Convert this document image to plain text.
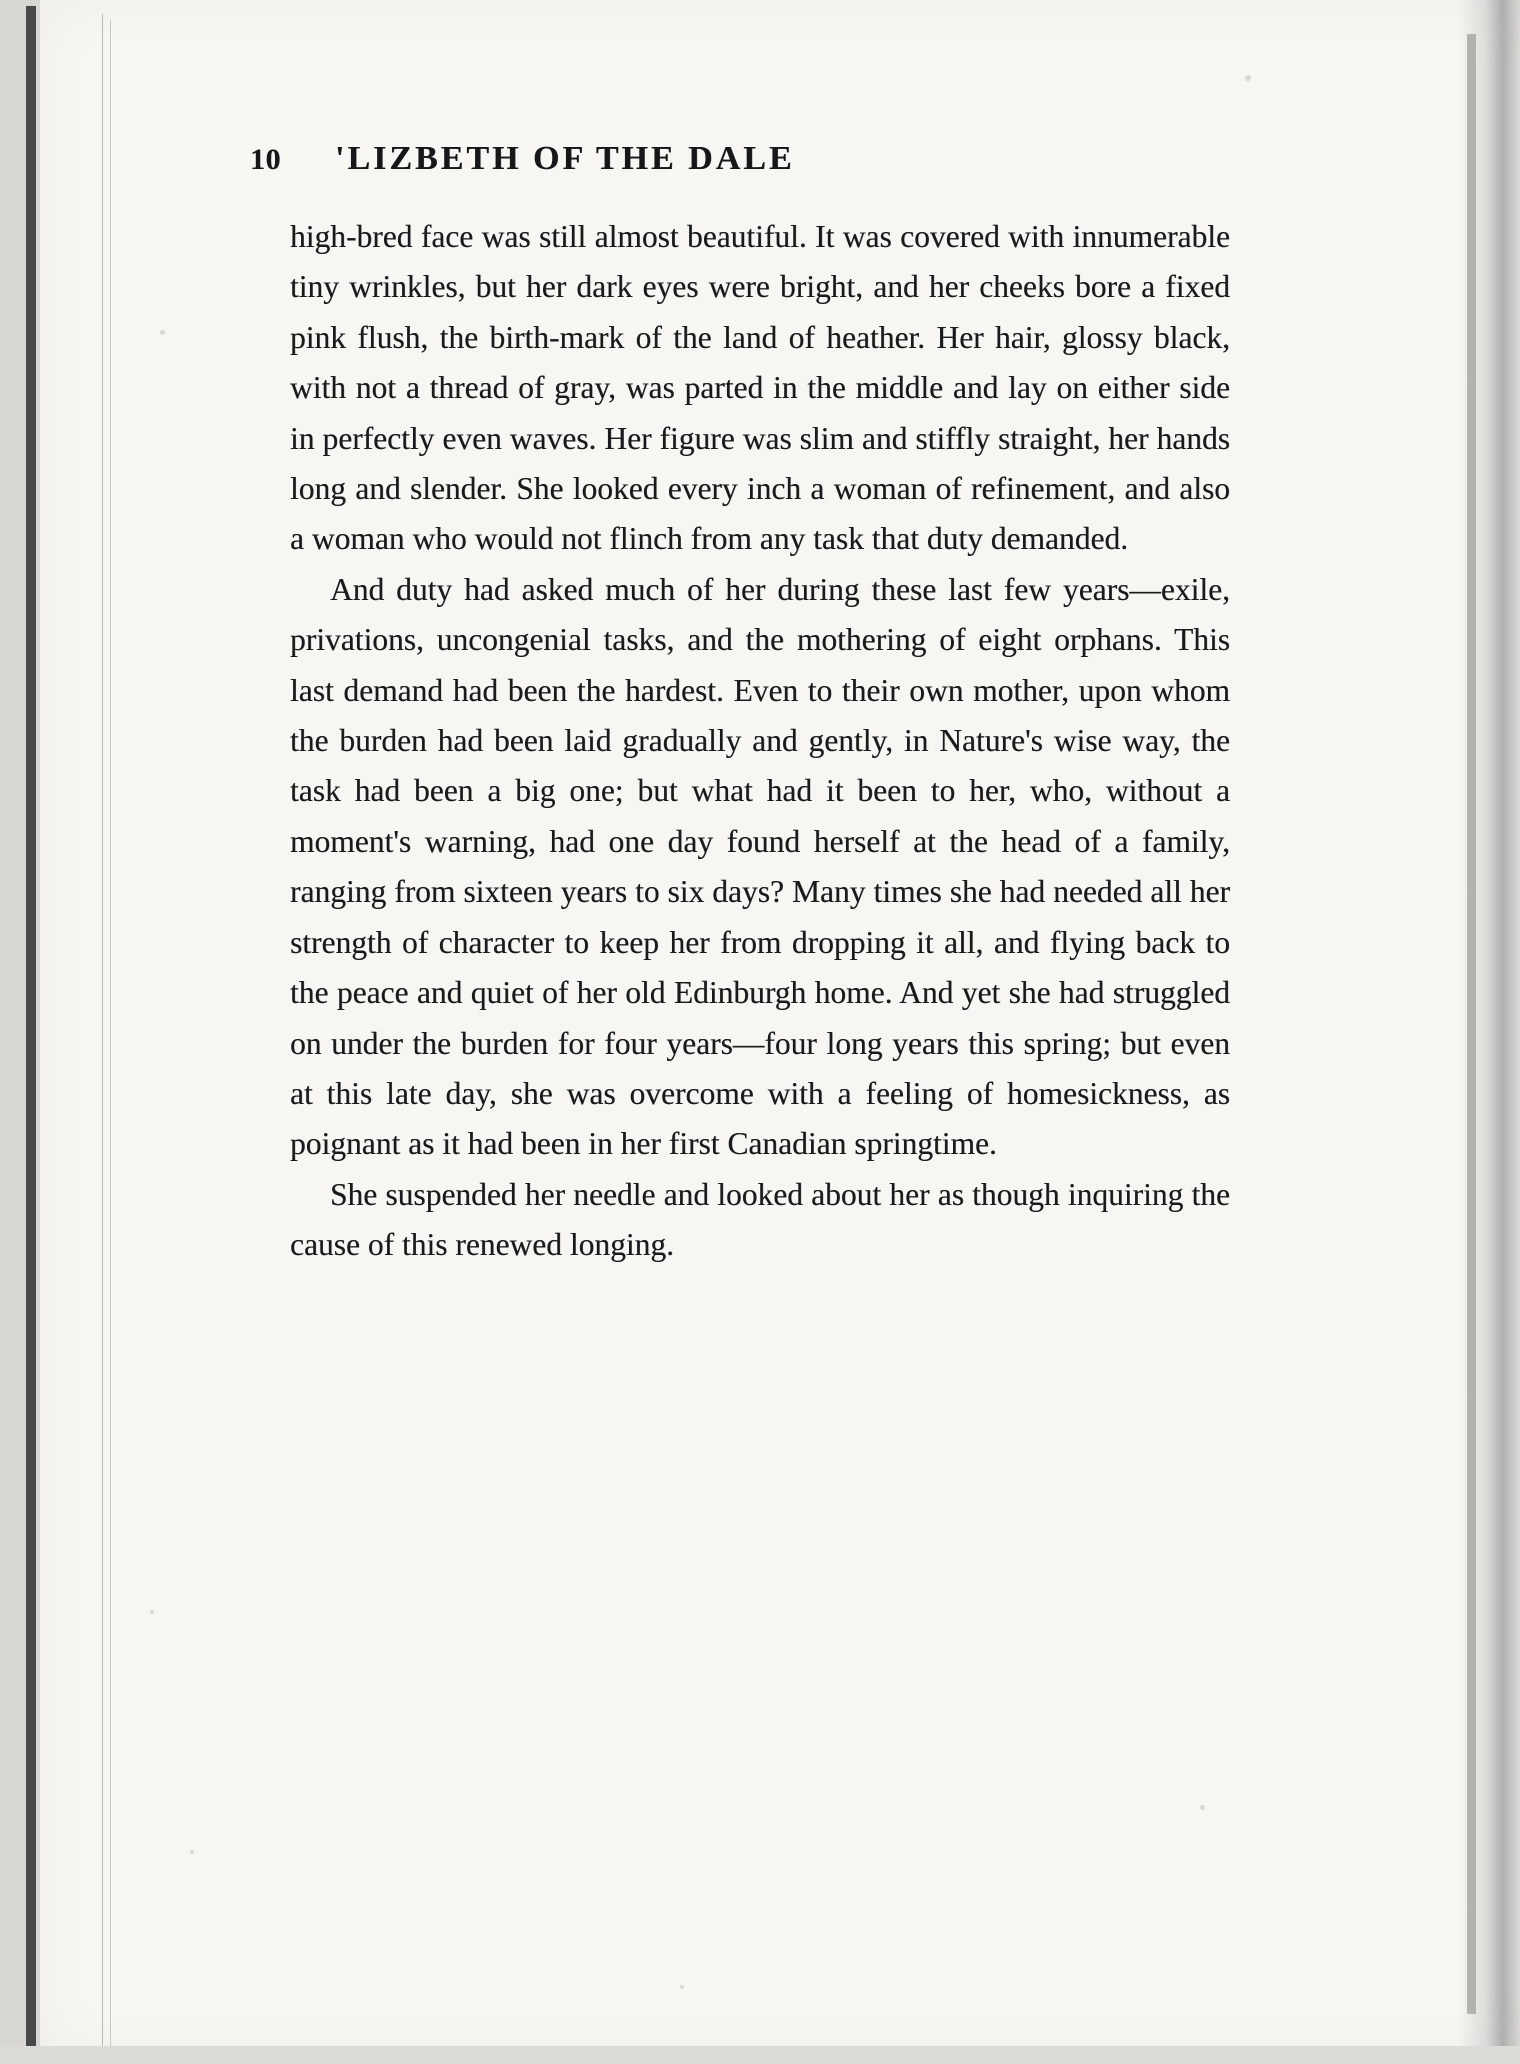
10 'LIZBETH OF THE DALE

high-bred face was still almost beautiful. It was covered with innumerable tiny wrinkles, but her dark eyes were bright, and her cheeks bore a fixed pink flush, the birth-mark of the land of heather. Her hair, glossy black, with not a thread of gray, was parted in the middle and lay on either side in perfectly even waves. Her figure was slim and stiffly straight, her hands long and slender. She looked every inch a woman of refinement, and also a woman who would not flinch from any task that duty demanded.

And duty had asked much of her during these last few years—exile, privations, uncongenial tasks, and the mothering of eight orphans. This last demand had been the hardest. Even to their own mother, upon whom the burden had been laid gradually and gently, in Nature's wise way, the task had been a big one; but what had it been to her, who, without a moment's warning, had one day found herself at the head of a family, ranging from sixteen years to six days? Many times she had needed all her strength of character to keep her from dropping it all, and flying back to the peace and quiet of her old Edinburgh home. And yet she had struggled on under the burden for four years—four long years this spring; but even at this late day, she was overcome with a feeling of homesickness, as poignant as it had been in her first Canadian springtime.

She suspended her needle and looked about her as though inquiring the cause of this renewed longing.
